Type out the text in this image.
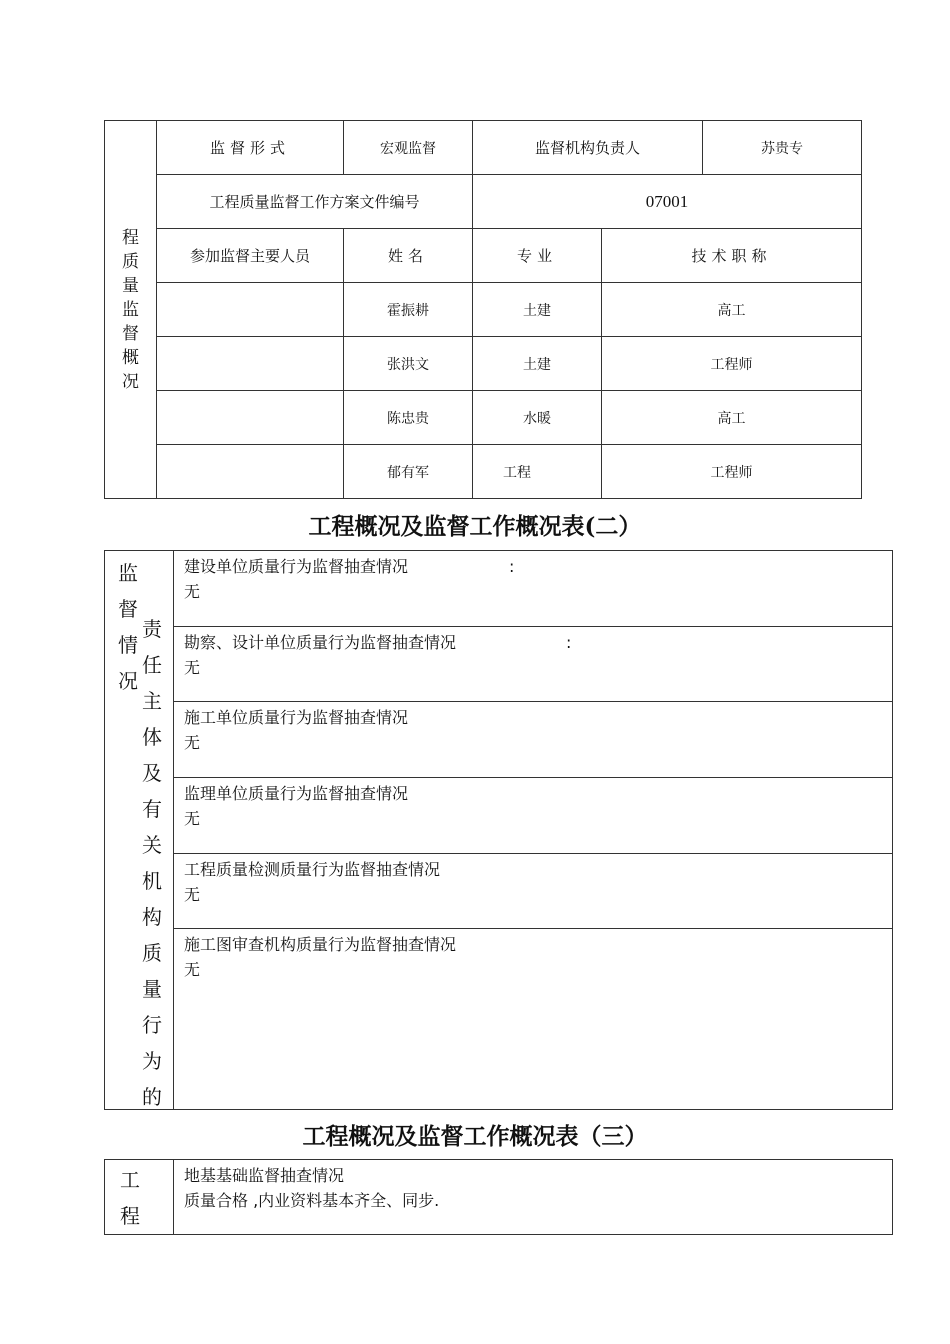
程质量监督概况	监督形式	宏观监督	监督机构负责人		苏贵专
	工程质量监督工作方案文件编号		07001		
	参加监督主要人员	姓名	专业	技术职称	
		霍振耕	土建	高工	
		张洪文	土建	工程师	
		陈忠贵	水暖	高工	
		郁有军	工程	工程师	
工程概况及监督工作概况表(二）
监督情况
责任主体及有关机构质量行为的

建设单位质量行为监督抽查情况	:
无

勘察、设计单位质量行为监督抽查情况	:
无

施工单位质量行为监督抽查情况
无

监理单位质量行为监督抽查情况
无

工程质量检测质量行为监督抽查情况
无

施工图审查机构质量行为监督抽查情况
无
工程概况及监督工作概况表（三）
工程

地基基础监督抽查情况
质量合格 ,内业资料基本齐全、同步.
